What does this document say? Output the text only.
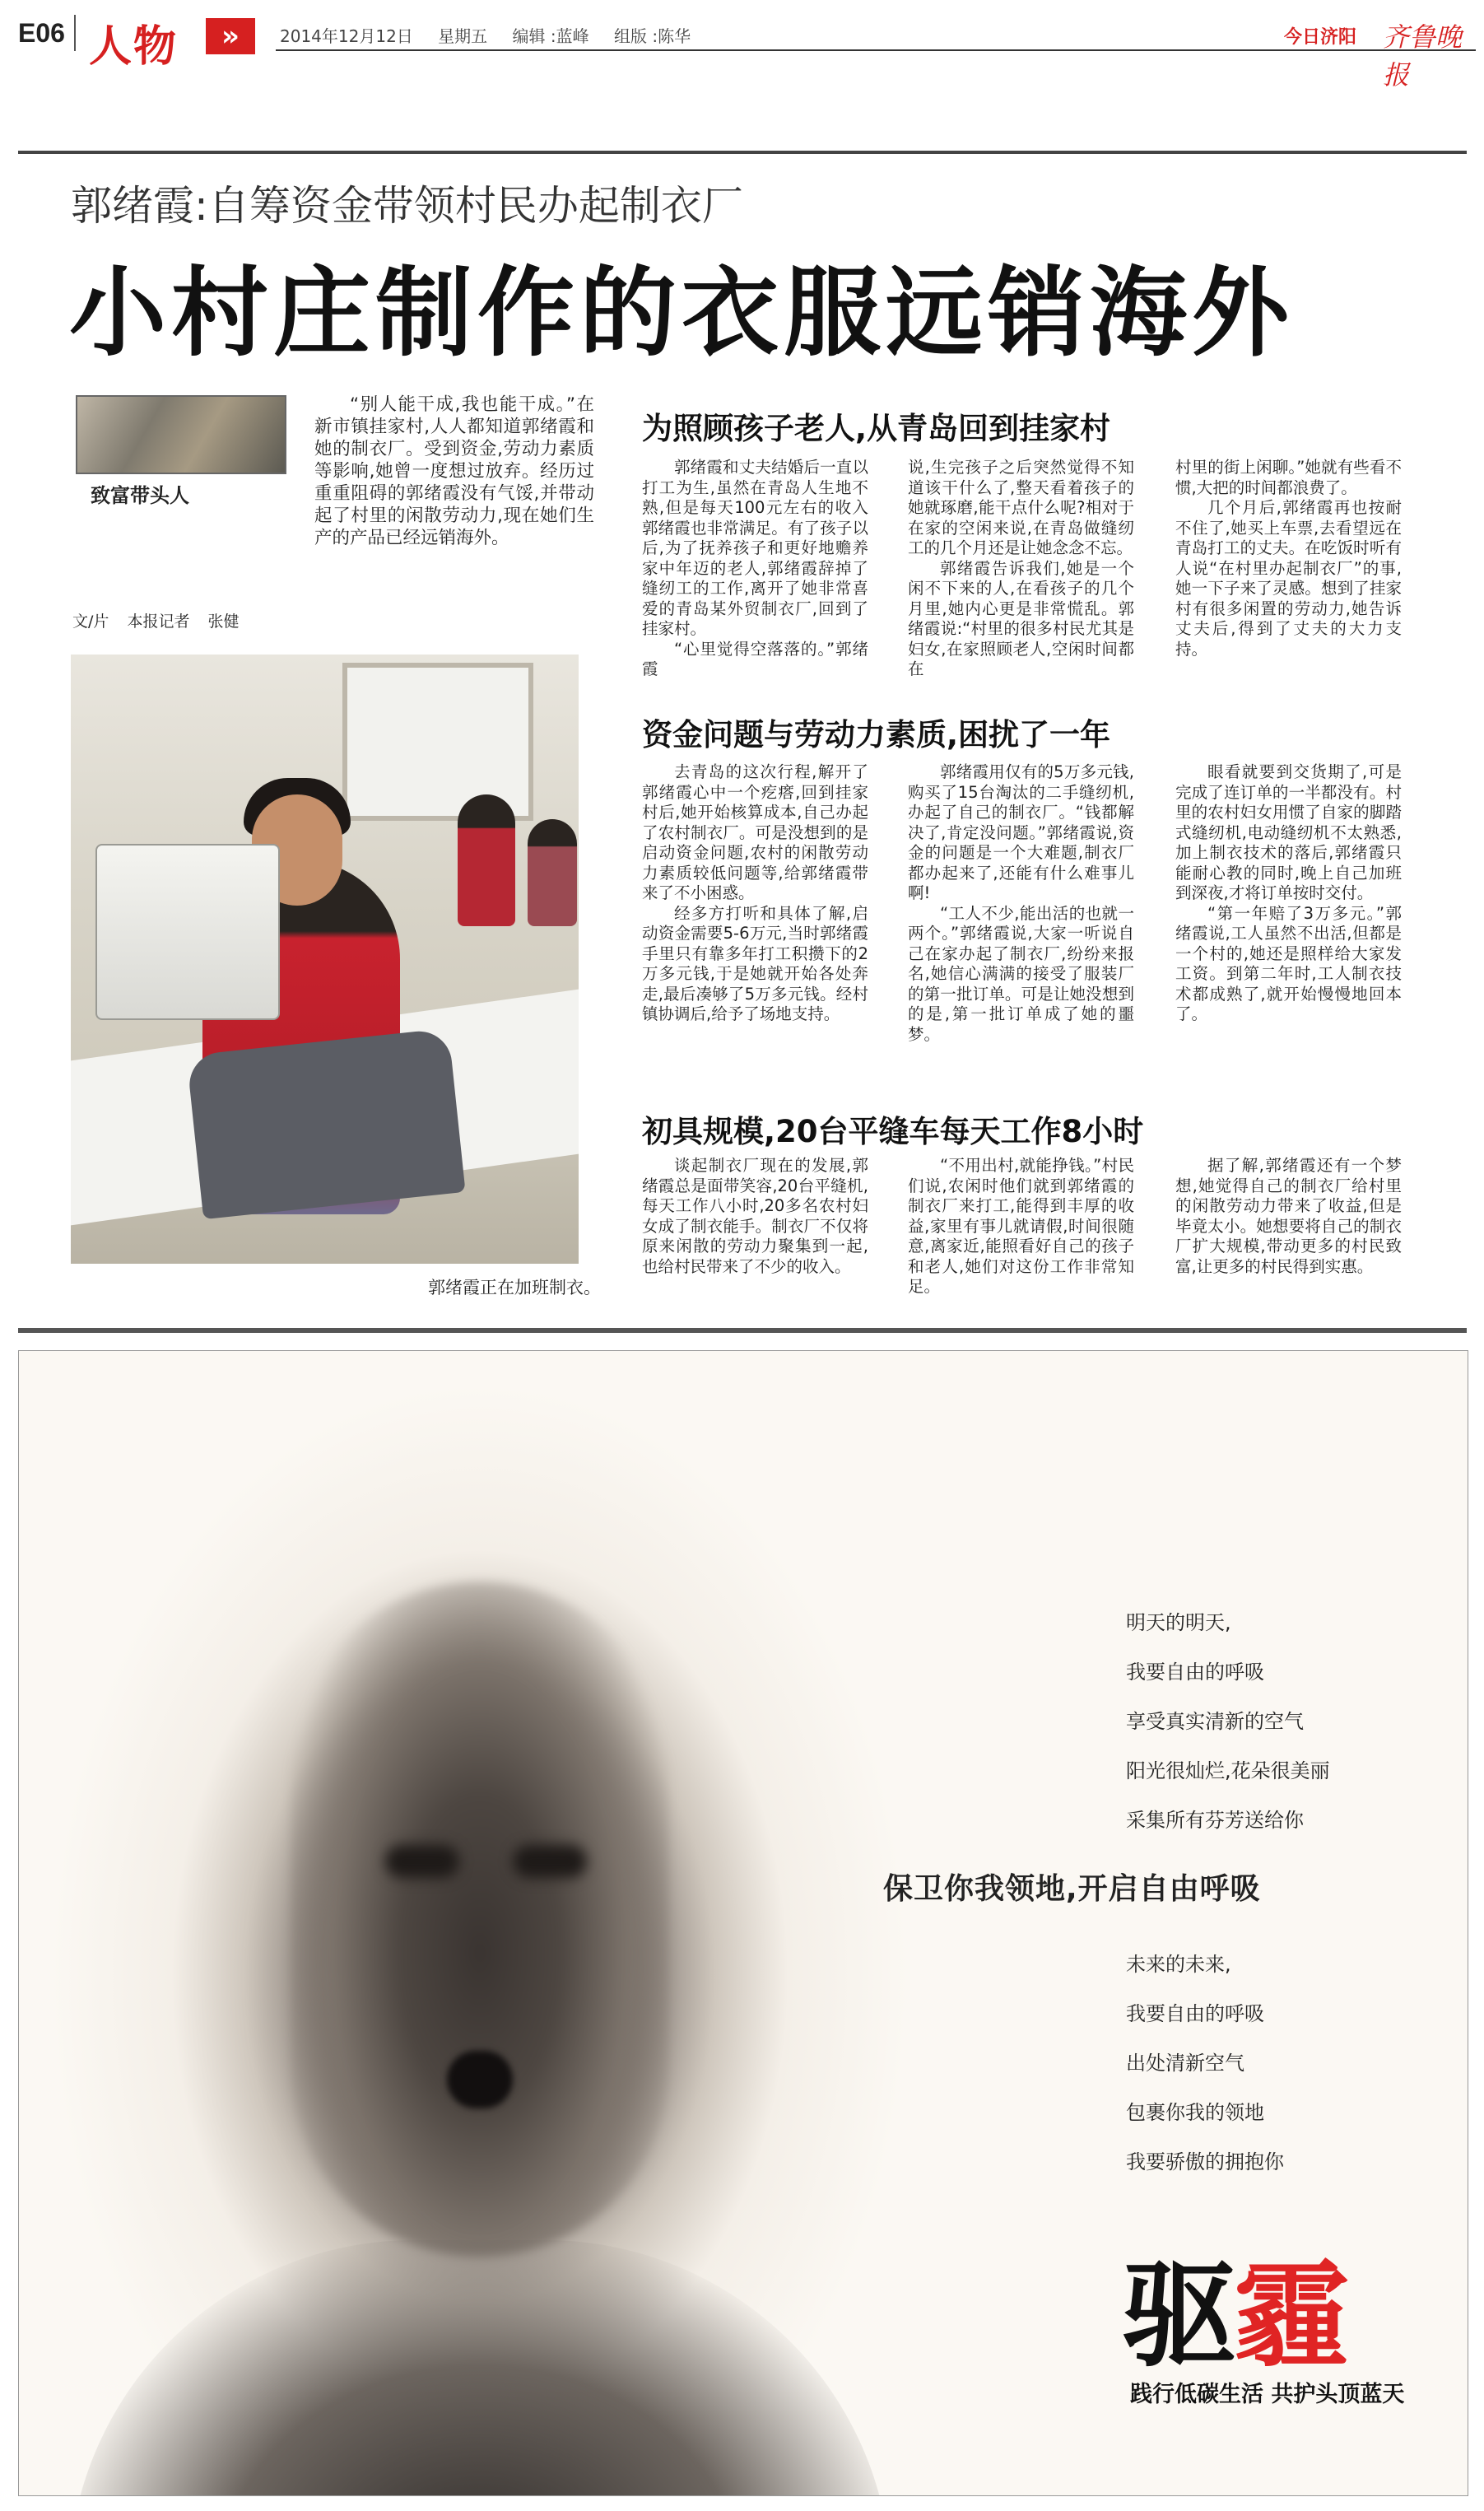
E06 人物	»	2014年12月12日 星期五 编辑 :蓝峰 组版 :陈华	今日济阳 齐鲁晚报
郭绪霞:自筹资金带领村民办起制衣厂
小村庄制作的衣服远销海外
致富带头人
“别人能干成,我也能干成。”在新市镇挂家村,人人都知道郭绪霞和她的制衣厂。受到资金,劳动力素质等影响,她曾一度想过放弃。经历过重重阻碍的郭绪霞没有气馁,并带动起了村里的闲散劳动力,现在她们生产的产品已经远销海外。
文/片 本报记者 张健
郭绪霞正在加班制衣。
为照顾孩子老人,从青岛回到挂家村

郭绪霞和丈夫结婚后一直以打工为生,虽然在青岛人生地不熟,但是每天100元左右的收入郭绪霞也非常满足。有了孩子以后,为了抚养孩子和更好地赡养家中年迈的老人,郭绪霞辞掉了缝纫工的工作,离开了她非常喜爱的青岛某外贸制衣厂,回到了挂家村。

“心里觉得空落落的。”郭绪霞

说,生完孩子之后突然觉得不知道该干什么了,整天看着孩子的她就琢磨,能干点什么呢?相对于在家的空闲来说,在青岛做缝纫工的几个月还是让她念念不忘。

郭绪霞告诉我们,她是一个闲不下来的人,在看孩子的几个月里,她内心更是非常慌乱。郭绪霞说:“村里的很多村民尤其是妇女,在家照顾老人,空闲时间都在

村里的街上闲聊。”她就有些看不惯,大把的时间都浪费了。

几个月后,郭绪霞再也按耐不住了,她买上车票,去看望远在青岛打工的丈夫。在吃饭时听有人说“在村里办起制衣厂”的事,她一下子来了灵感。想到了挂家村有很多闲置的劳动力,她告诉丈夫后,得到了丈夫的大力支持。

资金问题与劳动力素质,困扰了一年

去青岛的这次行程,解开了郭绪霞心中一个疙瘩,回到挂家村后,她开始核算成本,自己办起了农村制衣厂。可是没想到的是启动资金问题,农村的闲散劳动力素质较低问题等,给郭绪霞带来了不小困惑。

经多方打听和具体了解,启动资金需要5-6万元,当时郭绪霞手里只有靠多年打工积攒下的2万多元钱,于是她就开始各处奔走,最后凑够了5万多元钱。经村镇协调后,给予了场地支持。

郭绪霞用仅有的5万多元钱,购买了15台淘汰的二手缝纫机,办起了自己的制衣厂。“钱都解决了,肯定没问题。”郭绪霞说,资金的问题是一个大难题,制衣厂都办起来了,还能有什么难事儿啊!

“工人不少,能出活的也就一两个。”郭绪霞说,大家一听说自己在家办起了制衣厂,纷纷来报名,她信心满满的接受了服装厂的第一批订单。可是让她没想到的是,第一批订单成了她的噩梦。

眼看就要到交货期了,可是完成了连订单的一半都没有。村里的农村妇女用惯了自家的脚踏式缝纫机,电动缝纫机不太熟悉,加上制衣技术的落后,郭绪霞只能耐心教的同时,晚上自己加班到深夜,才将订单按时交付。

“第一年赔了3万多元。”郭绪霞说,工人虽然不出活,但都是一个村的,她还是照样给大家发工资。到第二年时,工人制衣技术都成熟了,就开始慢慢地回本了。

初具规模,20台平缝车每天工作8小时

谈起制衣厂现在的发展,郭绪霞总是面带笑容,20台平缝机,每天工作八小时,20多名农村妇女成了制衣能手。制衣厂不仅将原来闲散的劳动力聚集到一起,也给村民带来了不少的收入。

“不用出村,就能挣钱。”村民们说,农闲时他们就到郭绪霞的制衣厂来打工,能得到丰厚的收益,家里有事儿就请假,时间很随意,离家近,能照看好自己的孩子和老人,她们对这份工作非常知足。

据了解,郭绪霞还有一个梦想,她觉得自己的制衣厂给村里的闲散劳动力带来了收益,但是毕竟太小。她想要将自己的制衣厂扩大规模,带动更多的村民致富,让更多的村民得到实惠。

明天的明天,
我要自由的呼吸
享受真实清新的空气
阳光很灿烂,花朵很美丽
采集所有芬芳送给你
保卫你我领地,开启自由呼吸
未来的未来,
我要自由的呼吸
出处清新空气
包裹你我的领地
我要骄傲的拥抱你
驱霾
践行低碳生活 共护头顶蓝天
